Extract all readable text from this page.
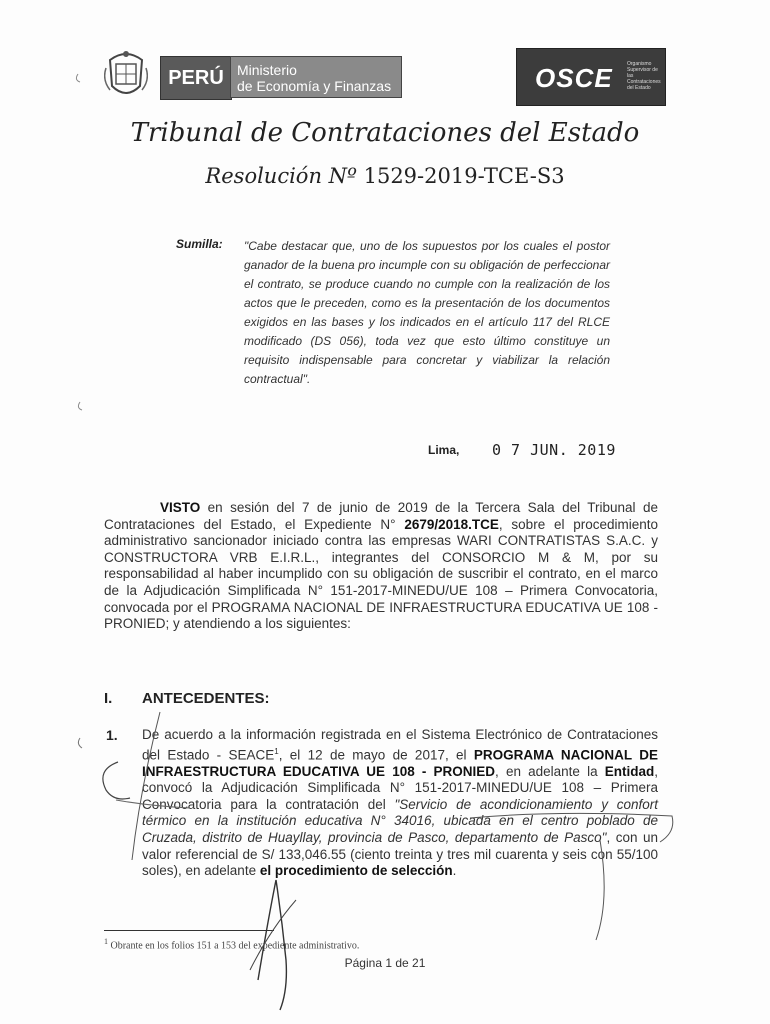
PERÚ Ministerio
de Economía y Finanzas	OSCE	Organismo Supervisor de las Contrataciones del Estado
Tribunal de Contrataciones del Estado
Resolución Nº 1529-2019-TCE-S3
Sumilla: "Cabe destacar que, uno de los supuestos por los cuales el postor ganador de la buena pro incumple con su obligación de perfeccionar el contrato, se produce cuando no cumple con la realización de los actos que le preceden, como es la presentación de los documentos exigidos en las bases y los indicados en el artículo 117 del RLCE modificado (DS 056), toda vez que esto último constituye un requisito indispensable para concretar y viabilizar la relación contractual".
Lima, 0 7 JUN. 2019
VISTO en sesión del 7 de junio de 2019 de la Tercera Sala del Tribunal de Contrataciones del Estado, el Expediente N° 2679/2018.TCE, sobre el procedimiento administrativo sancionador iniciado contra las empresas WARI CONTRATISTAS S.A.C. y CONSTRUCTORA VRB E.I.R.L., integrantes del CONSORCIO M & M, por su responsabilidad al haber incumplido con su obligación de suscribir el contrato, en el marco de la Adjudicación Simplificada N° 151-2017-MINEDU/UE 108 – Primera Convocatoria, convocada por el PROGRAMA NACIONAL DE INFRAESTRUCTURA EDUCATIVA UE 108 - PRONIED; y atendiendo a los siguientes:
I. ANTECEDENTES:
1. De acuerdo a la información registrada en el Sistema Electrónico de Contrataciones del Estado - SEACE$^1$, el 12 de mayo de 2017, el PROGRAMA NACIONAL DE INFRAESTRUCTURA EDUCATIVA UE 108 - PRONIED, en adelante la Entidad, convocó la Adjudicación Simplificada N° 151-2017-MINEDU/UE 108 – Primera Convocatoria para la contratación del "Servicio de acondicionamiento y confort térmico en la institución educativa N° 34016, ubicada en el centro poblado de Cruzada, distrito de Huayllay, provincia de Pasco, departamento de Pasco", con un valor referencial de S/ 133,046.55 (ciento treinta y tres mil cuarenta y seis con 55/100 soles), en adelante el procedimiento de selección.
$^1$ Obrante en los folios 151 a 153 del expediente administrativo.
Página 1 de 21
